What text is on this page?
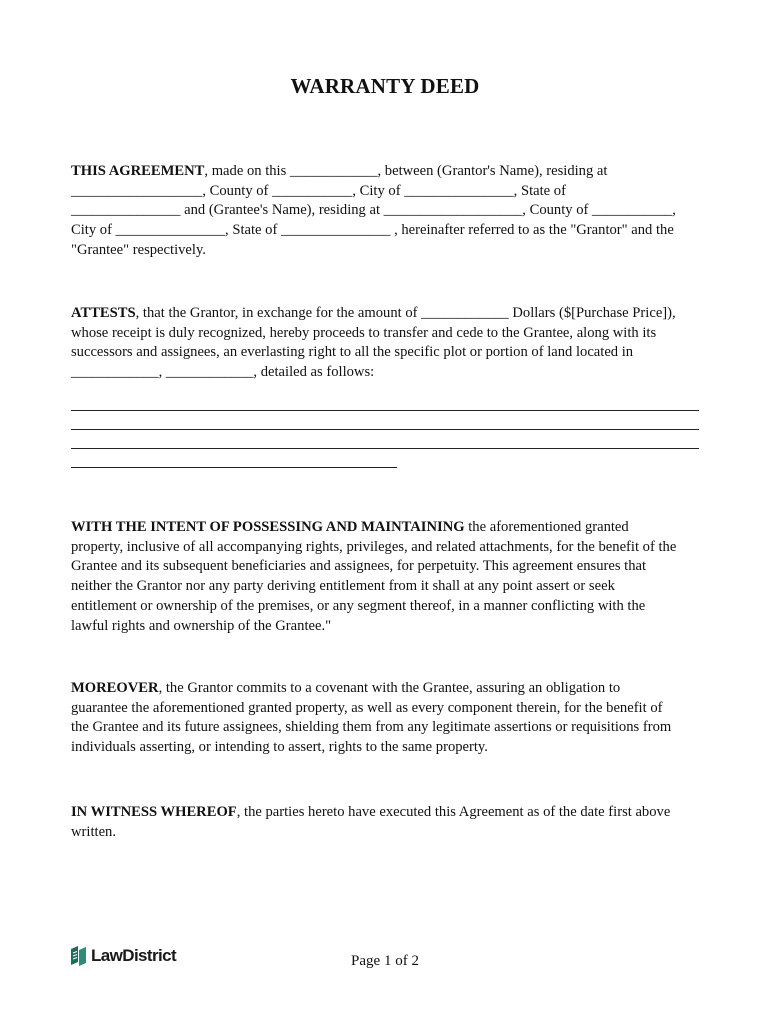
WARRANTY DEED
THIS AGREEMENT, made on this ____________, between (Grantor's Name), residing at
__________________, County of ___________, City of _______________, State of
_______________ and (Grantee's Name), residing at ___________________, County of ___________,
City of _______________, State of _______________ , hereinafter referred to as the "Grantor" and the
"Grantee" respectively.
ATTESTS, that the Grantor, in exchange for the amount of ____________ Dollars ($[Purchase Price]),
whose receipt is duly recognized, hereby proceeds to transfer and cede to the Grantee, along with its
successors and assignees, an everlasting right to all the specific plot or portion of land located in
____________, ____________, detailed as follows:
WITH THE INTENT OF POSSESSING AND MAINTAINING the aforementioned granted
property, inclusive of all accompanying rights, privileges, and related attachments, for the benefit of the
Grantee and its subsequent beneficiaries and assignees, for perpetuity. This agreement ensures that
neither the Grantor nor any party deriving entitlement from it shall at any point assert or seek
entitlement or ownership of the premises, or any segment thereof, in a manner conflicting with the
lawful rights and ownership of the Grantee."
MOREOVER, the Grantor commits to a covenant with the Grantee, assuring an obligation to
guarantee the aforementioned granted property, as well as every component therein, for the benefit of
the Grantee and its future assignees, shielding them from any legitimate assertions or requisitions from
individuals asserting, or intending to assert, rights to the same property.
IN WITNESS WHEREOF, the parties hereto have executed this Agreement as of the date first above
written.
LawDistrict	Page 1 of 2
